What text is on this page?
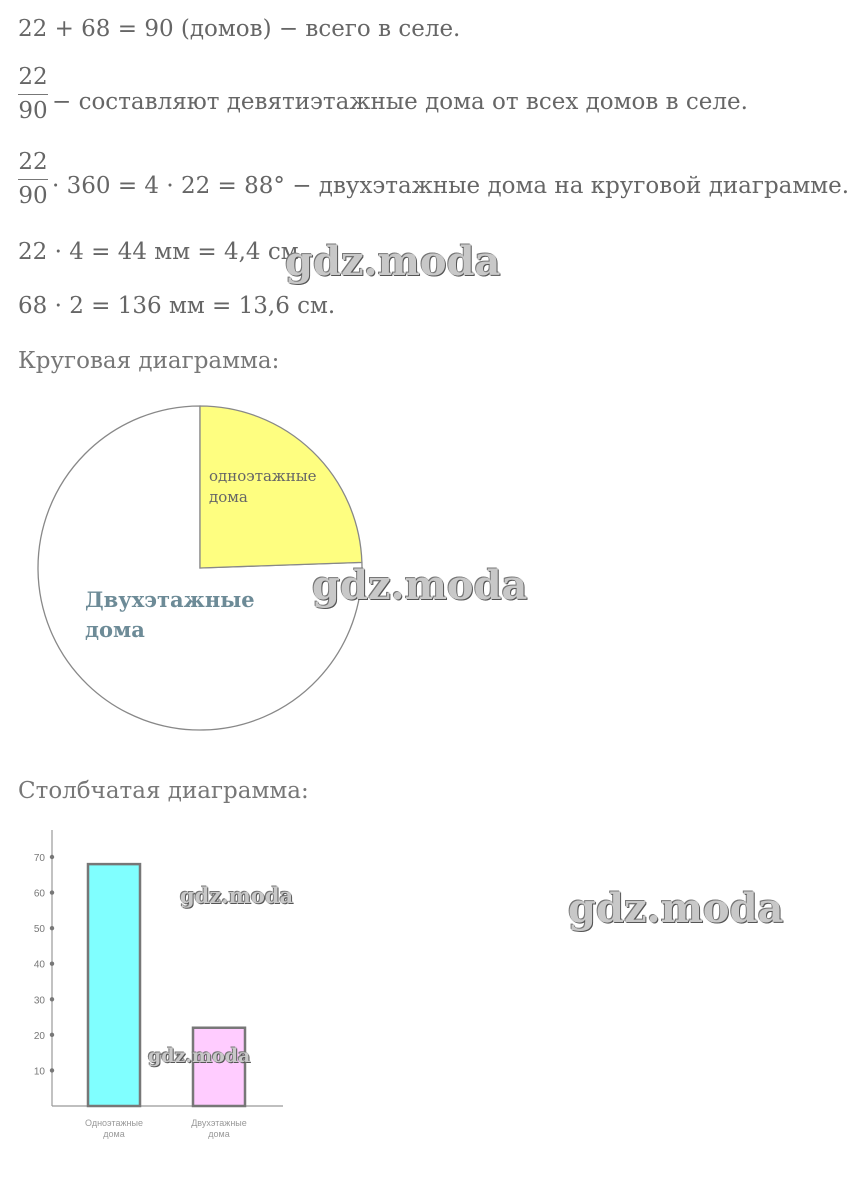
22 + 68 = 90 (домов) − всего в селе.
22
90 − составляют девятиэтажные дома от всех домов в селе.
22
90 · 360 = 4 · 22 = 88° − двухэтажные дома на круговой диаграмме.
22 · 4 = 44 мм = 4,4 см.
68 · 2 = 136 мм = 13,6 см.
Круговая диаграмма:
одноэтажные
дома
Двухэтажные
дома
Столбчатая диаграмма:
10
20
30
40
50
60
70
Одноэтажные
дома
Двухэтажные
дома
gdz.moda
gdz.moda
gdz.moda	gdz.moda
gdz.moda
